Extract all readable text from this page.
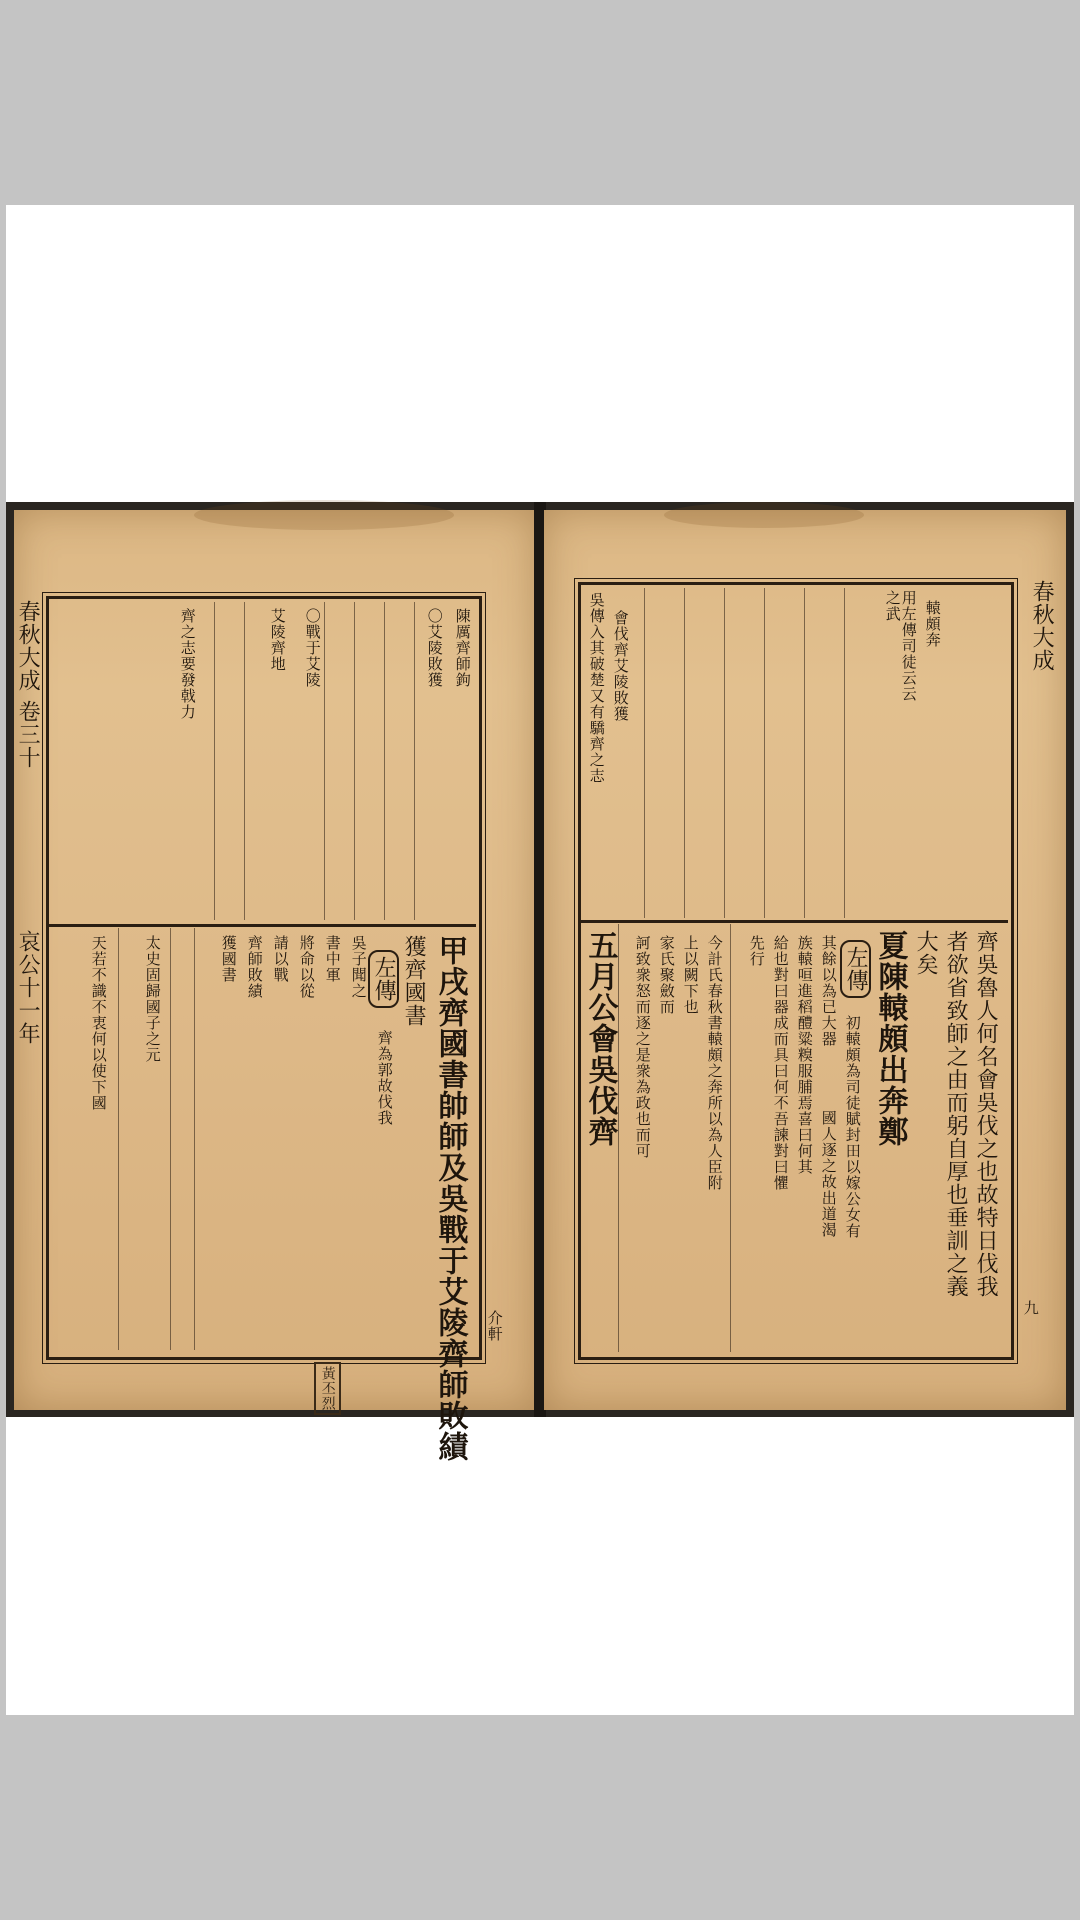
春秋大成
卷三十
哀公十一年
介軒
陳厲齊師鉤
〇艾陵敗獲
〇戰于艾陵
艾陵齊地
齊之志要發戟力
甲戌齊國書帥師及吳戰于艾陵齊師敗績
獲齊國書
左傳
齊為郭故伐我
吳子聞之
書中軍
將命以從
請以戰
齊師敗績
獲國書
太史固歸國子之元
天若不識不衷何以使下國
黃丕烈
春秋大成
九
轅頗奔
之武
用左傳司徒云云
會伐齊艾陵敗獲
吳傳入其破楚又有驕齊之志
齊吳魯人何名會吳伐之也故特日伐我
者欲省致師之由而躬自厚也垂訓之義
大矣
夏陳轅頗出奔鄭
五月公會吳伐齊	左傳
初轅頗為司徒賦封田以嫁公女有
其餘以為已大器
國人逐之故出道渴
族轅咺進稻醴粱糗服脯焉喜曰何其
給也對曰器成而具曰何不吾諫對曰懼
先行
今計氏春秋書轅頗之奔所以為人臣附
上以闕下也
家氏聚斂而
訶致衆怒而逐之是衆為政也而可
